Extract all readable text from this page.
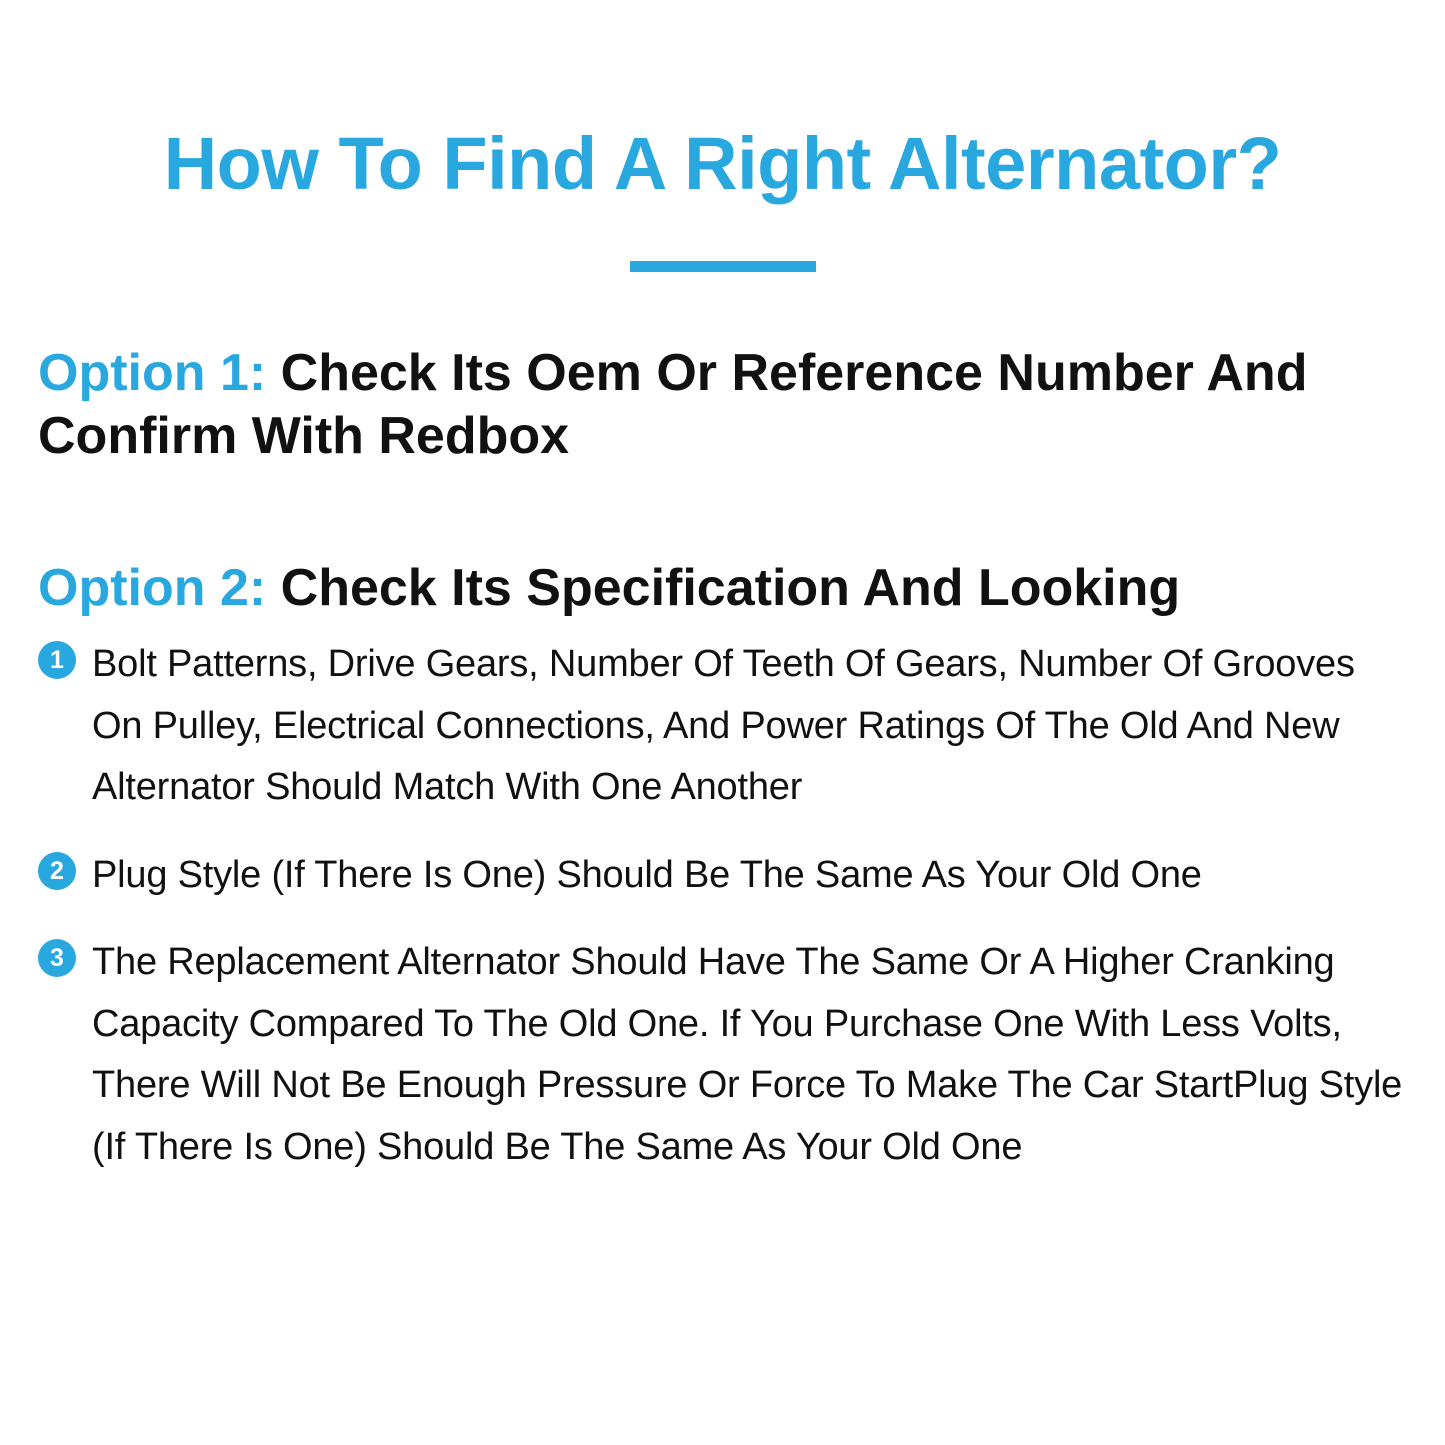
How To Find A Right Alternator?

Option 1: Check Its Oem Or Reference Number And Confirm With Redbox

Option 2: Check Its Specification And Looking

1 Bolt Patterns, Drive Gears, Number Of Teeth Of Gears, Number Of Grooves On Pulley, Electrical Connections, And Power Ratings Of The Old And New Alternator Should Match With One Another
2 Plug Style (If There Is One) Should Be The Same As Your Old One
3 The Replacement Alternator Should Have The Same Or A Higher Cranking Capacity Compared To The Old One. If You Purchase One With Less Volts, There Will Not Be Enough Pressure Or Force To Make The Car StartPlug Style (If There Is One) Should Be The Same As Your Old One
